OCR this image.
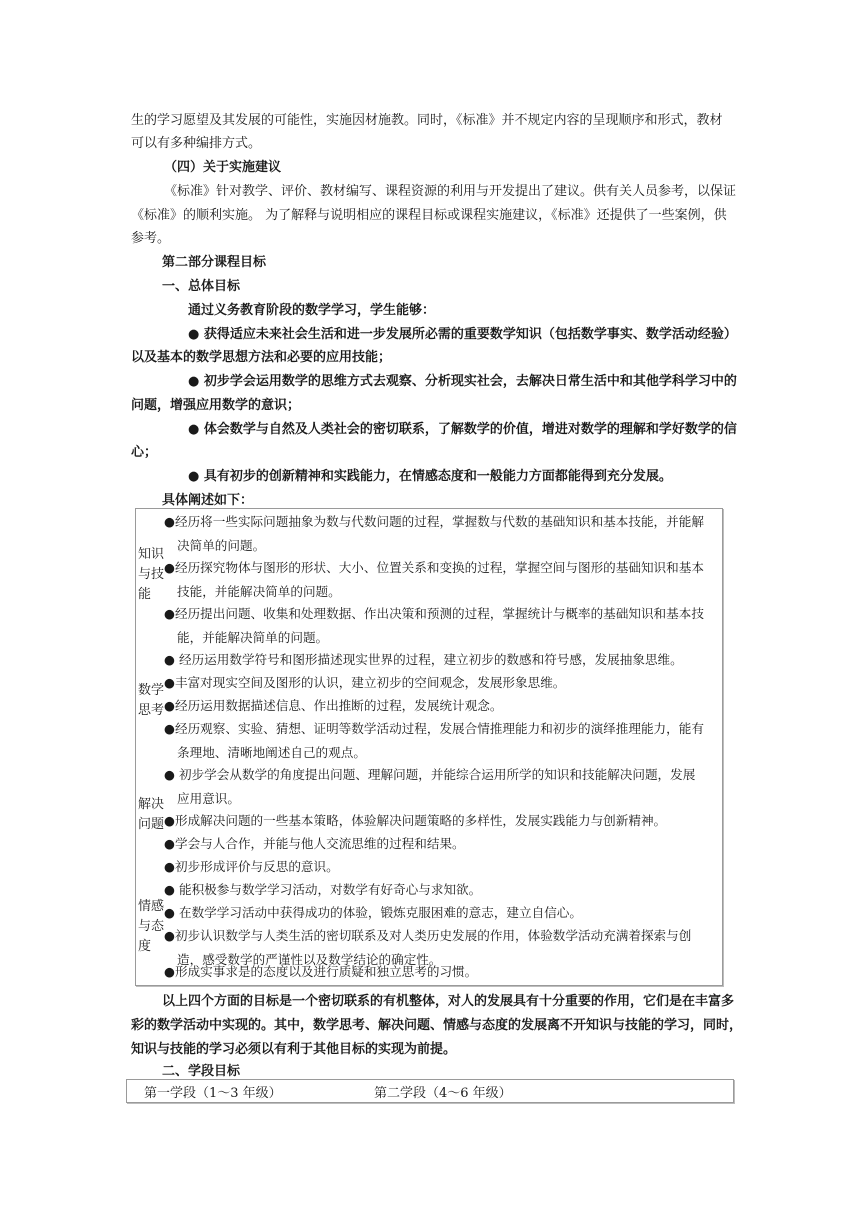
生的学习愿望及其发展的可能性，实施因材施教。同时，《标准》并不规定内容的呈现顺序和形式，教材
可以有多种编排方式。
（四）关于实施建议
《标准》针对教学、评价、教材编写、课程资源的利用与开发提出了建议。供有关人员参考，以保证
《标准》的顺利实施。 为了解释与说明相应的课程目标或课程实施建议，《标准》还提供了一些案例，供
参考。
第二部分课程目标
一、总体目标
通过义务教育阶段的数学学习，学生能够：
● 获得适应未来社会生活和进一步发展所必需的重要数学知识（包括数学事实、数学活动经验）
以及基本的数学思想方法和必要的应用技能；
● 初步学会运用数学的思维方式去观察、分析现实社会，去解决日常生活中和其他学科学习中的
问题，增强应用数学的意识；
● 体会数学与自然及人类社会的密切联系，了解数学的价值，增进对数学的理解和学好数学的信
心；
● 具有初步的创新精神和实践能力，在情感态度和一般能力方面都能得到充分发展。
具体阐述如下：
知识
与技
能
数学
思考
解决
问题
情感
与态
度
●经历将一些实际问题抽象为数与代数问题的过程，掌握数与代数的基础知识和基本技能，并能解
决简单的问题。
●经历探究物体与图形的形状、大小、位置关系和变换的过程，掌握空间与图形的基础知识和基本
技能，并能解决简单的问题。
●经历提出问题、收集和处理数据、作出决策和预测的过程，掌握统计与概率的基础知识和基本技
能，并能解决简单的问题。
● 经历运用数学符号和图形描述现实世界的过程，建立初步的数感和符号感，发展抽象思维。
●丰富对现实空间及图形的认识，建立初步的空间观念，发展形象思维。
●经历运用数据描述信息、作出推断的过程，发展统计观念。
●经历观察、实验、猜想、证明等数学活动过程，发展合情推理能力和初步的演绎推理能力，能有
条理地、清晰地阐述自己的观点。
● 初步学会从数学的角度提出问题、理解问题，并能综合运用所学的知识和技能解决问题，发展
应用意识。
●形成解决问题的一些基本策略，体验解决问题策略的多样性，发展实践能力与创新精神。
●学会与人合作，并能与他人交流思维的过程和结果。
●初步形成评价与反思的意识。
● 能积极参与数学学习活动，对数学有好奇心与求知欲。
● 在数学学习活动中获得成功的体验，锻炼克服困难的意志，建立自信心。
●初步认识数学与人类生活的密切联系及对人类历史发展的作用，体验数学活动充满着探索与创
造，感受数学的严谨性以及数学结论的确定性。
●形成实事求是的态度以及进行质疑和独立思考的习惯。
以上四个方面的目标是一个密切联系的有机整体，对人的发展具有十分重要的作用，它们是在丰富多
彩的数学活动中实现的。其中，数学思考、解决问题、情感与态度的发展离不开知识与技能的学习，同时，
知识与技能的学习必须以有利于其他目标的实现为前提。
二、学段目标
第一学段（1～3 年级）	第二学段（4～6 年级）
